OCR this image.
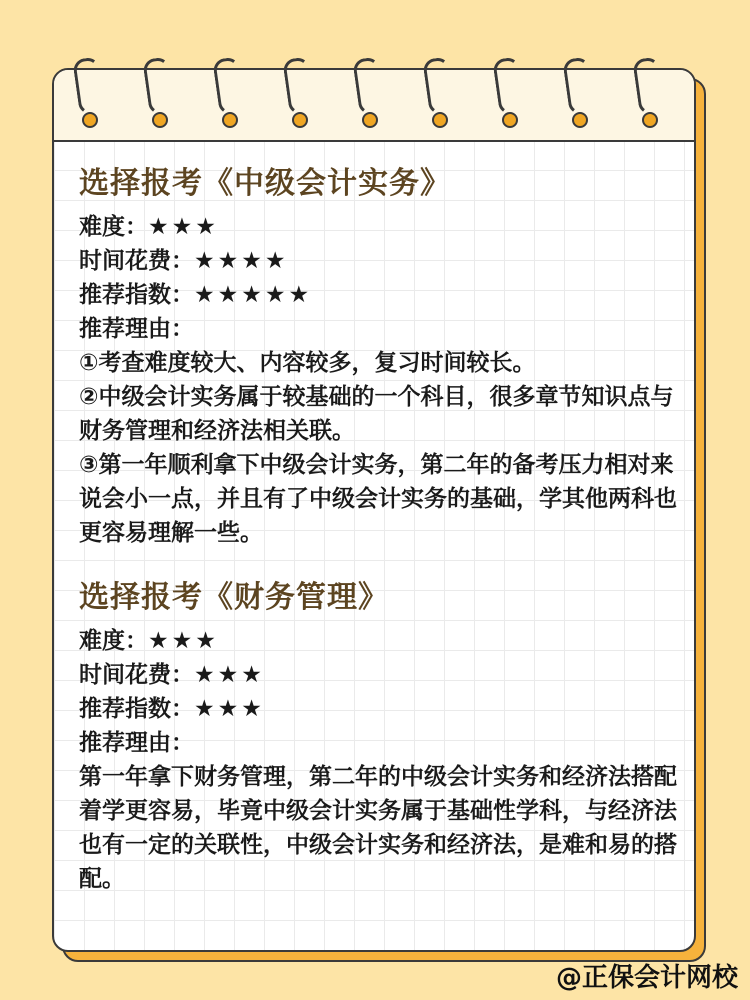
选择报考《中级会计实务》
难度：★★★
时间花费：★★★★
推荐指数：★★★★★
推荐理由：
①考查难度较大、内容较多，复习时间较长。
②中级会计实务属于较基础的一个科目，很多章节知识点与财务管理和经济法相关联。
③第一年顺利拿下中级会计实务，第二年的备考压力相对来说会小一点，并且有了中级会计实务的基础，学其他两科也更容易理解一些。
选择报考《财务管理》
难度：★★★
时间花费：★★★
推荐指数：★★★
推荐理由：
第一年拿下财务管理，第二年的中级会计实务和经济法搭配着学更容易，毕竟中级会计实务属于基础性学科，与经济法也有一定的关联性，中级会计实务和经济法，是难和易的搭配。
@正保会计网校
